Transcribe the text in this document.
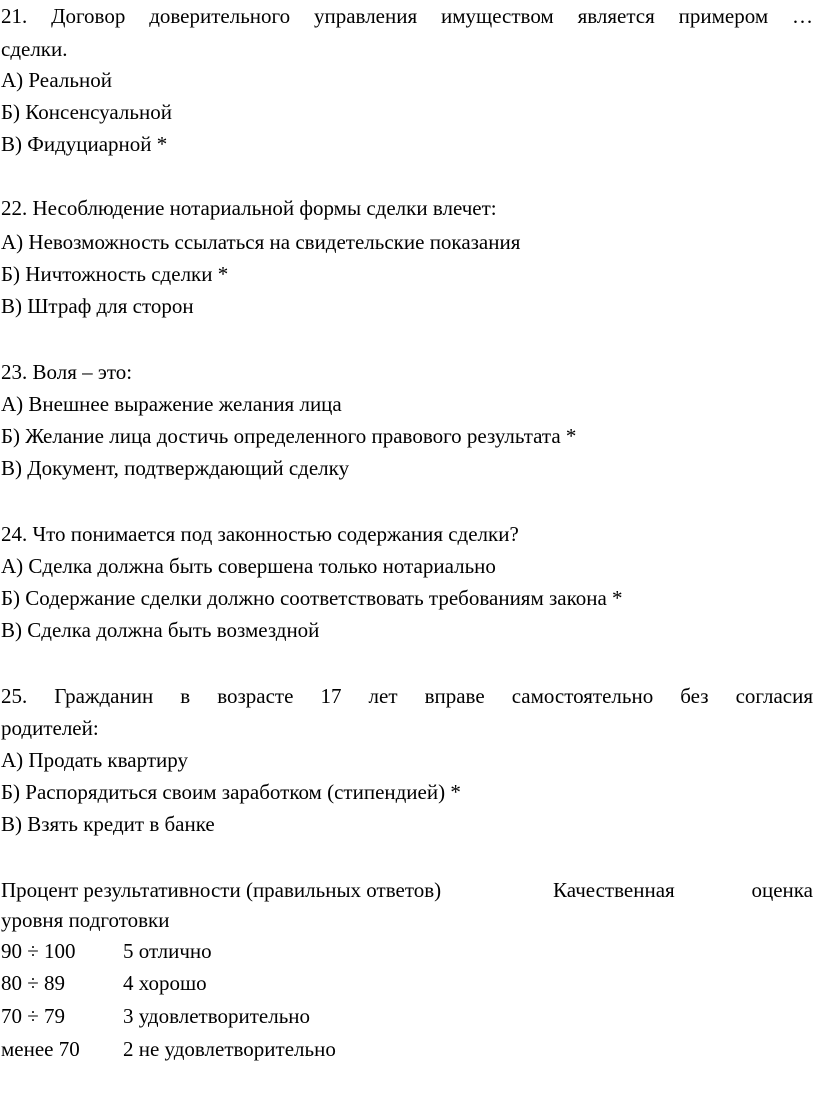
21. Договор доверительного управления имуществом является примером …
сделки.
А) Реальной
Б) Консенсуальной
В) Фидуциарной *
22. Несоблюдение нотариальной формы сделки влечет:
А) Невозможность ссылаться на свидетельские показания
Б) Ничтожность сделки *
В) Штраф для сторон
23. Воля – это:
А) Внешнее выражение желания лица
Б) Желание лица достичь определенного правового результата *
В) Документ, подтверждающий сделку
24. Что понимается под законностью содержания сделки?
А) Сделка должна быть совершена только нотариально
Б) Содержание сделки должно соответствовать требованиям закона *
В) Сделка должна быть возмездной
25. Гражданин в возрасте 17 лет вправе самостоятельно без согласия
родителей:
А) Продать квартиру
Б) Распорядиться своим заработком (стипендией) *
В) Взять кредит в банке
Процент результативности (правильных ответов)	Качественная	оценка
уровня подготовки
90 ÷ 100 5 отлично
80 ÷ 89	4 хорошо
70 ÷ 79	3 удовлетворительно
менее 70 2 не удовлетворительно
